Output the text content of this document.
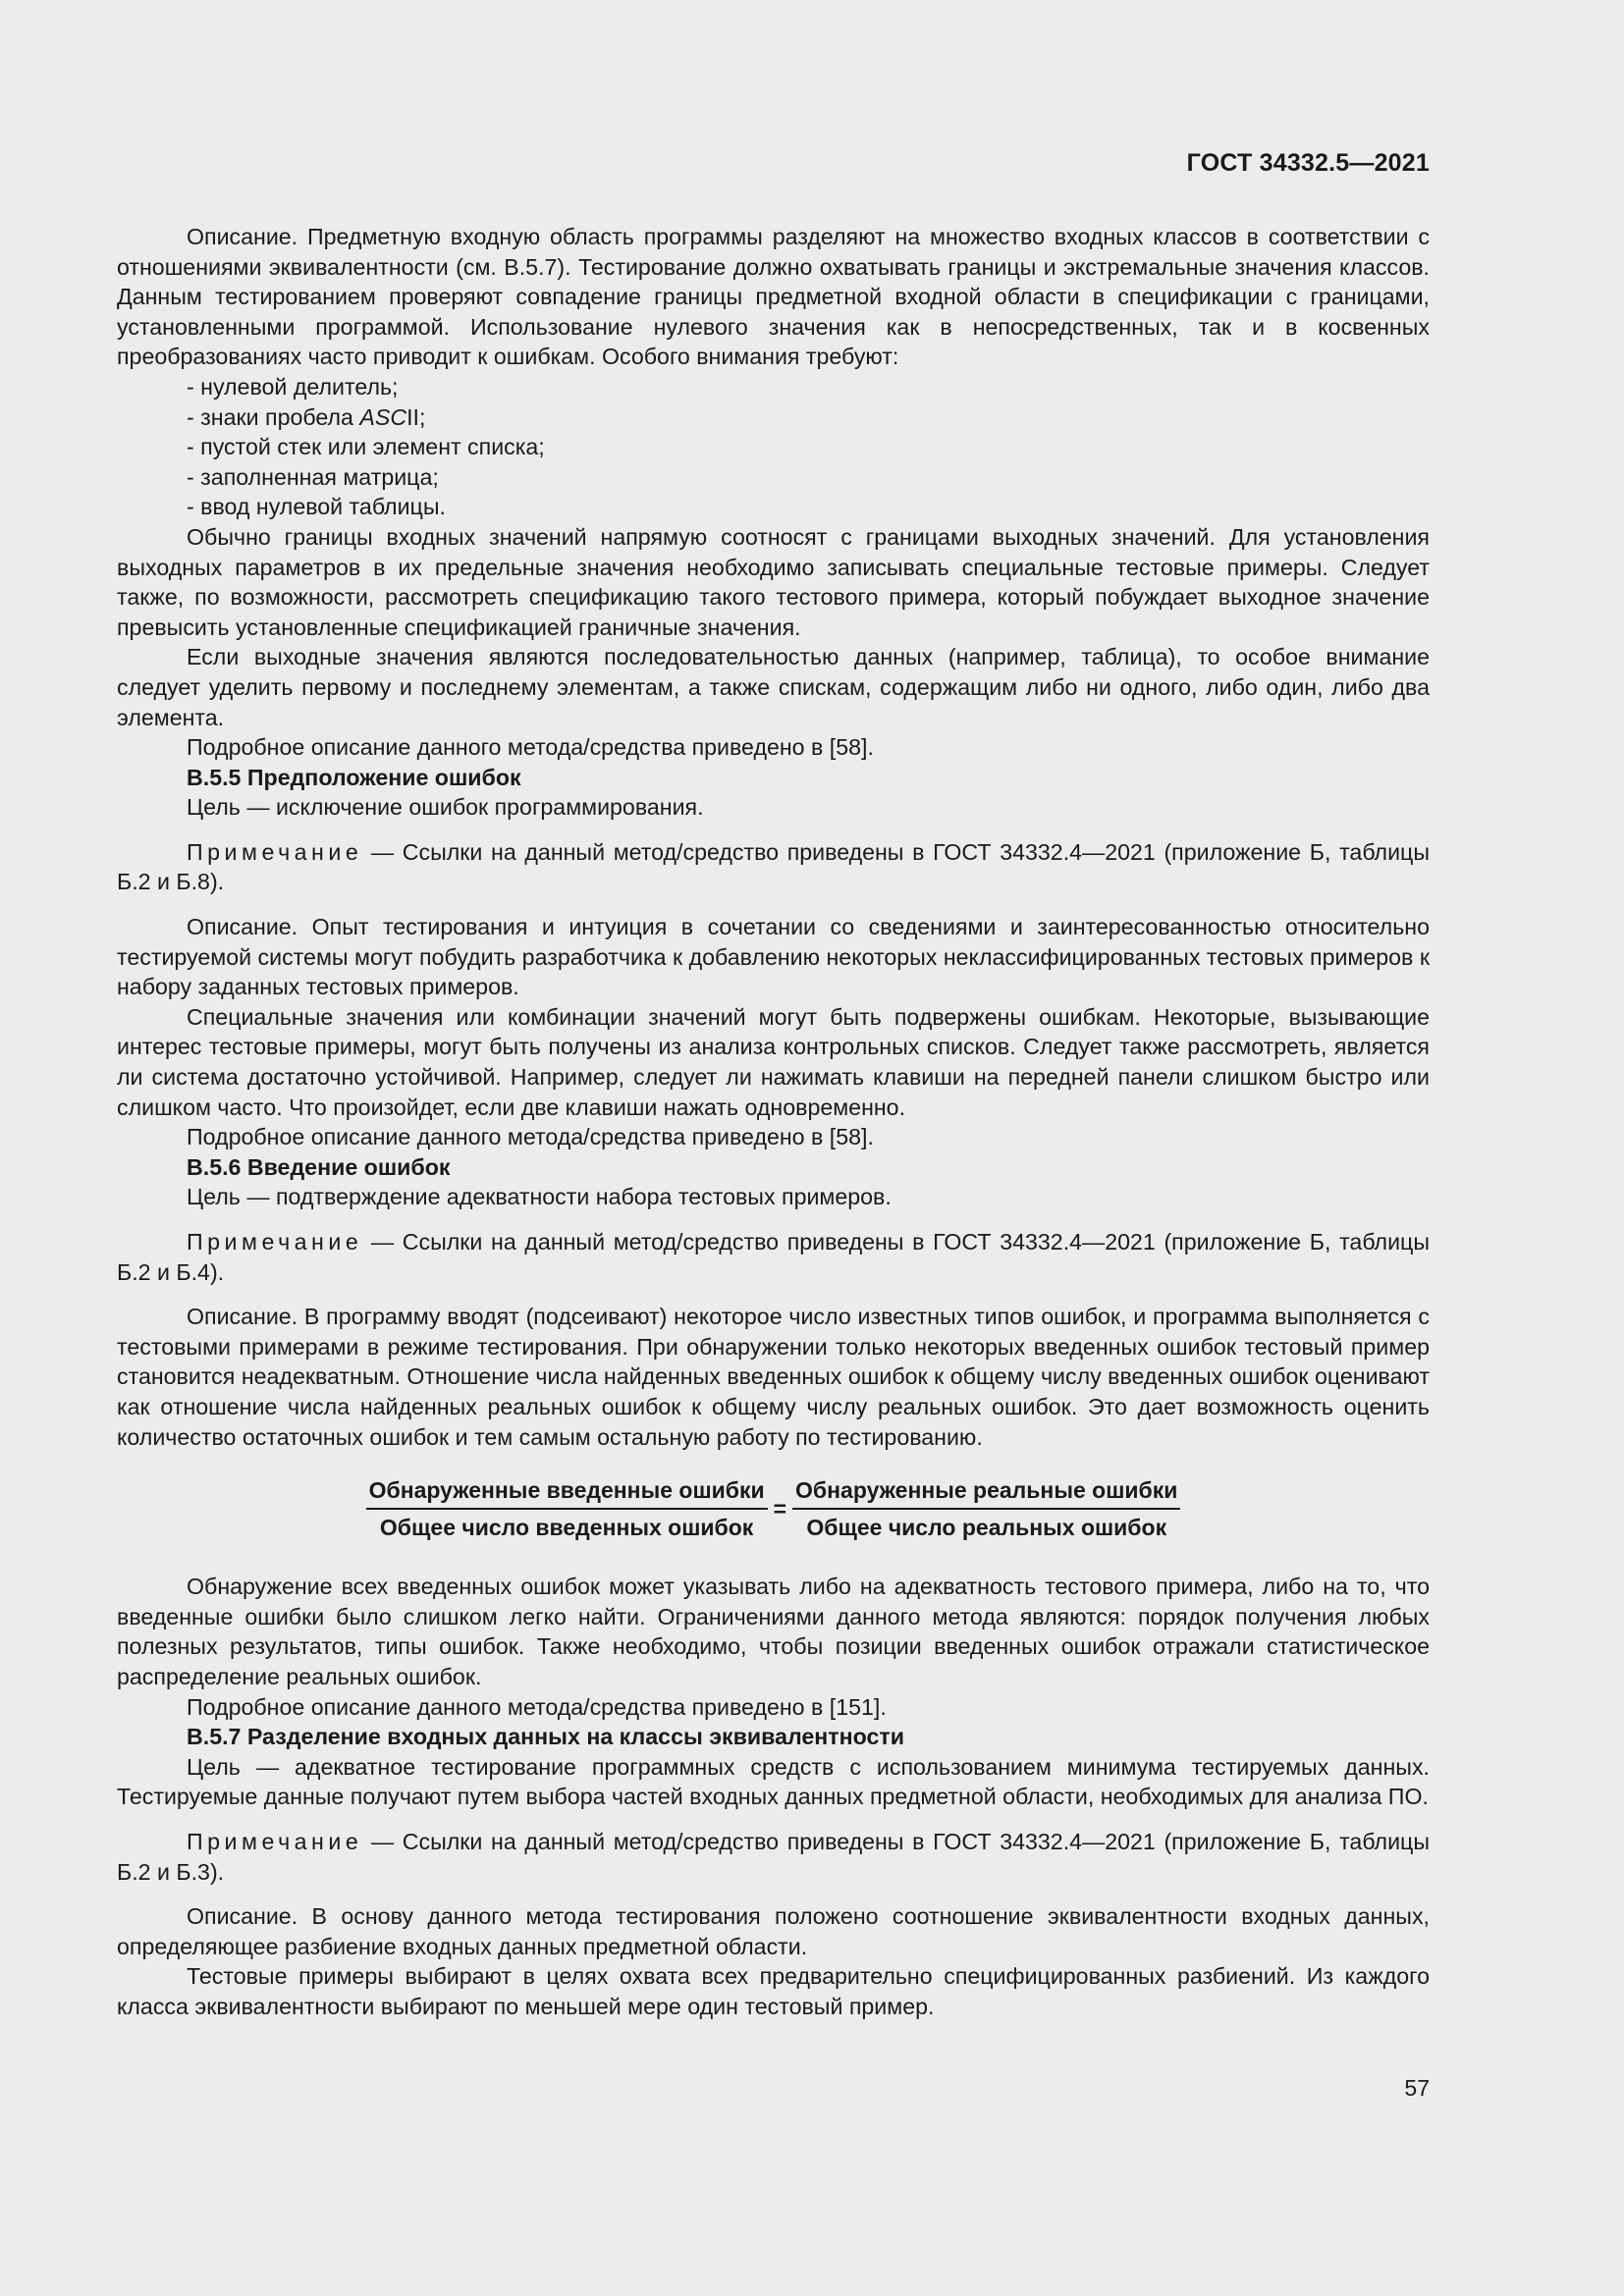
ГОСТ 34332.5—2021

Описание. Предметную входную область программы разделяют на множество входных классов в соответствии с отношениями эквивалентности (см. В.5.7). Тестирование должно охватывать границы и экстремальные значения классов. Данным тестированием проверяют совпадение границы предметной входной области в спецификации с границами, установленными программой. Использование нулевого значения как в непосредственных, так и в косвенных преобразованиях часто приводит к ошибкам. Особого внимания требуют:

- нулевой делитель;

- знаки пробела ASCII;

- пустой стек или элемент списка;

- заполненная матрица;

- ввод нулевой таблицы.

Обычно границы входных значений напрямую соотносят с границами выходных значений. Для установления выходных параметров в их предельные значения необходимо записывать специальные тестовые примеры. Следует также, по возможности, рассмотреть спецификацию такого тестового примера, который побуждает выходное значение превысить установленные спецификацией граничные значения.

Если выходные значения являются последовательностью данных (например, таблица), то особое внимание следует уделить первому и последнему элементам, а также спискам, содержащим либо ни одного, либо один, либо два элемента.

Подробное описание данного метода/средства приведено в [58].

В.5.5 Предположение ошибок

Цель — исключение ошибок программирования.

Примечание — Ссылки на данный метод/средство приведены в ГОСТ 34332.4—2021 (приложение Б, таблицы Б.2 и Б.8).

Описание. Опыт тестирования и интуиция в сочетании со сведениями и заинтересованностью относительно тестируемой системы могут побудить разработчика к добавлению некоторых неклассифицированных тестовых примеров к набору заданных тестовых примеров.

Специальные значения или комбинации значений могут быть подвержены ошибкам. Некоторые, вызывающие интерес тестовые примеры, могут быть получены из анализа контрольных списков. Следует также рассмотреть, является ли система достаточно устойчивой. Например, следует ли нажимать клавиши на передней панели слишком быстро или слишком часто. Что произойдет, если две клавиши нажать одновременно.

Подробное описание данного метода/средства приведено в [58].

В.5.6 Введение ошибок

Цель — подтверждение адекватности набора тестовых примеров.

Примечание — Ссылки на данный метод/средство приведены в ГОСТ 34332.4—2021 (приложение Б, таблицы Б.2 и Б.4).

Описание. В программу вводят (подсеивают) некоторое число известных типов ошибок, и программа выполняется с тестовыми примерами в режиме тестирования. При обнаружении только некоторых введенных ошибок тестовый пример становится неадекватным. Отношение числа найденных введенных ошибок к общему числу введенных ошибок оценивают как отношение числа найденных реальных ошибок к общему числу реальных ошибок. Это дает возможность оценить количество остаточных ошибок и тем самым остальную работу по тестированию.

$\frac{\text{Обнаруженные введенные ошибки}}{\text{Общее число введенных ошибок}} = \frac{\text{Обнаруженные реальные ошибки}}{\text{Общее число реальных ошибок}}$

Обнаружение всех введенных ошибок может указывать либо на адекватность тестового примера, либо на то, что введенные ошибки было слишком легко найти. Ограничениями данного метода являются: порядок получения любых полезных результатов, типы ошибок. Также необходимо, чтобы позиции введенных ошибок отражали статистическое распределение реальных ошибок.

Подробное описание данного метода/средства приведено в [151].

В.5.7 Разделение входных данных на классы эквивалентности

Цель — адекватное тестирование программных средств с использованием минимума тестируемых данных. Тестируемые данные получают путем выбора частей входных данных предметной области, необходимых для анализа ПО.

Примечание — Ссылки на данный метод/средство приведены в ГОСТ 34332.4—2021 (приложение Б, таблицы Б.2 и Б.3).

Описание. В основу данного метода тестирования положено соотношение эквивалентности входных данных, определяющее разбиение входных данных предметной области.

Тестовые примеры выбирают в целях охвата всех предварительно специфицированных разбиений. Из каждого класса эквивалентности выбирают по меньшей мере один тестовый пример.

57
